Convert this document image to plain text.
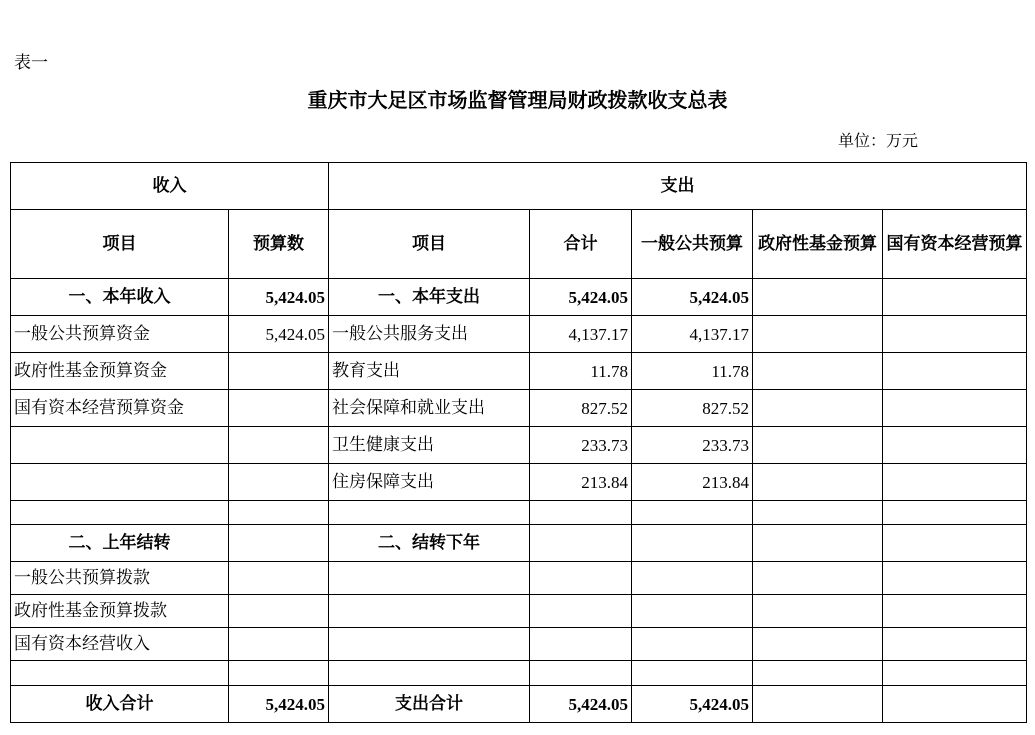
表一
重庆市大足区市场监督管理局财政拨款收支总表
单位：万元
收入		支出				
项目	预算数	项目	合计	一般公共预算	政府性基金预算	国有资本经营预算
一、本年收入	5,424.05	一、本年支出	5,424.05	5,424.05		
一般公共预算资金	5,424.05	一般公共服务支出	4,137.17	4,137.17		
政府性基金预算资金		教育支出	11.78	11.78		
国有资本经营预算资金		社会保障和就业支出	827.52	827.52		
		卫生健康支出	233.73	233.73		
		住房保障支出	213.84	213.84		

二、上年结转		二、结转下年				
一般公共预算拨款						
政府性基金预算拨款						
国有资本经营收入						

收入合计	5,424.05	支出合计	5,424.05	5,424.05		
